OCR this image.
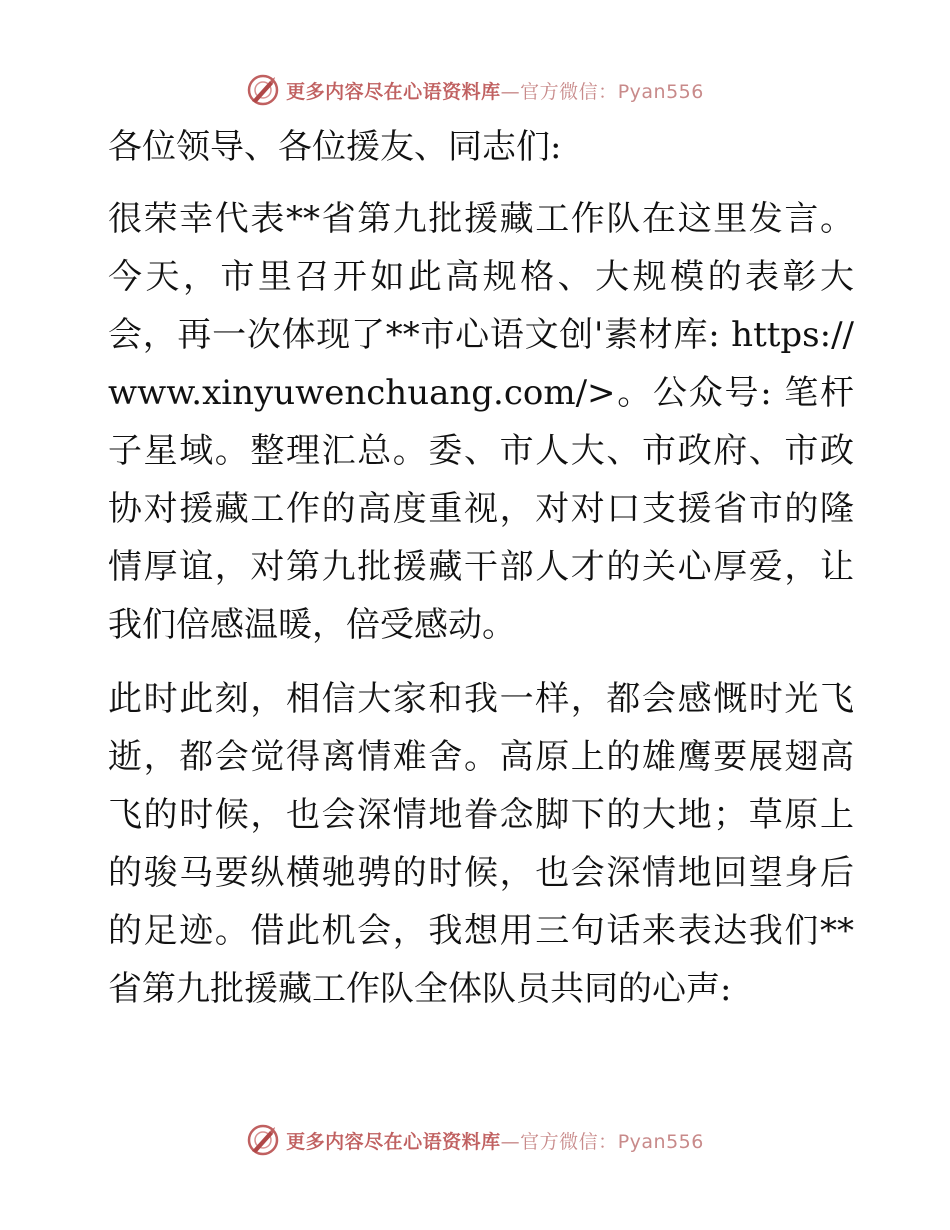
更多内容尽在心语资料库—官方微信：Pyan556

各位领导、各位援友、同志们:

很荣幸代表**省第九批援藏工作队在这里发言。今天，市里召开如此高规格、大规模的表彰大会，再一次体现了**市心语文创'素材库: https:// www.xinyuwenchuang.com/>。公众号: 笔杆子星域。整理汇总。委、市人大、市政府、市政协对援藏工作的高度重视，对对口支援省市的隆情厚谊，对第九批援藏干部人才的关心厚爱，让我们倍感温暖，倍受感动。

此时此刻，相信大家和我一样，都会感慨时光飞逝，都会觉得离情难舍。高原上的雄鹰要展翅高飞的时候，也会深情地眷念脚下的大地；草原上的骏马要纵横驰骋的时候，也会深情地回望身后的足迹。借此机会，我想用三句话来表达我们**省第九批援藏工作队全体队员共同的心声:

更多内容尽在心语资料库—官方微信：Pyan556
